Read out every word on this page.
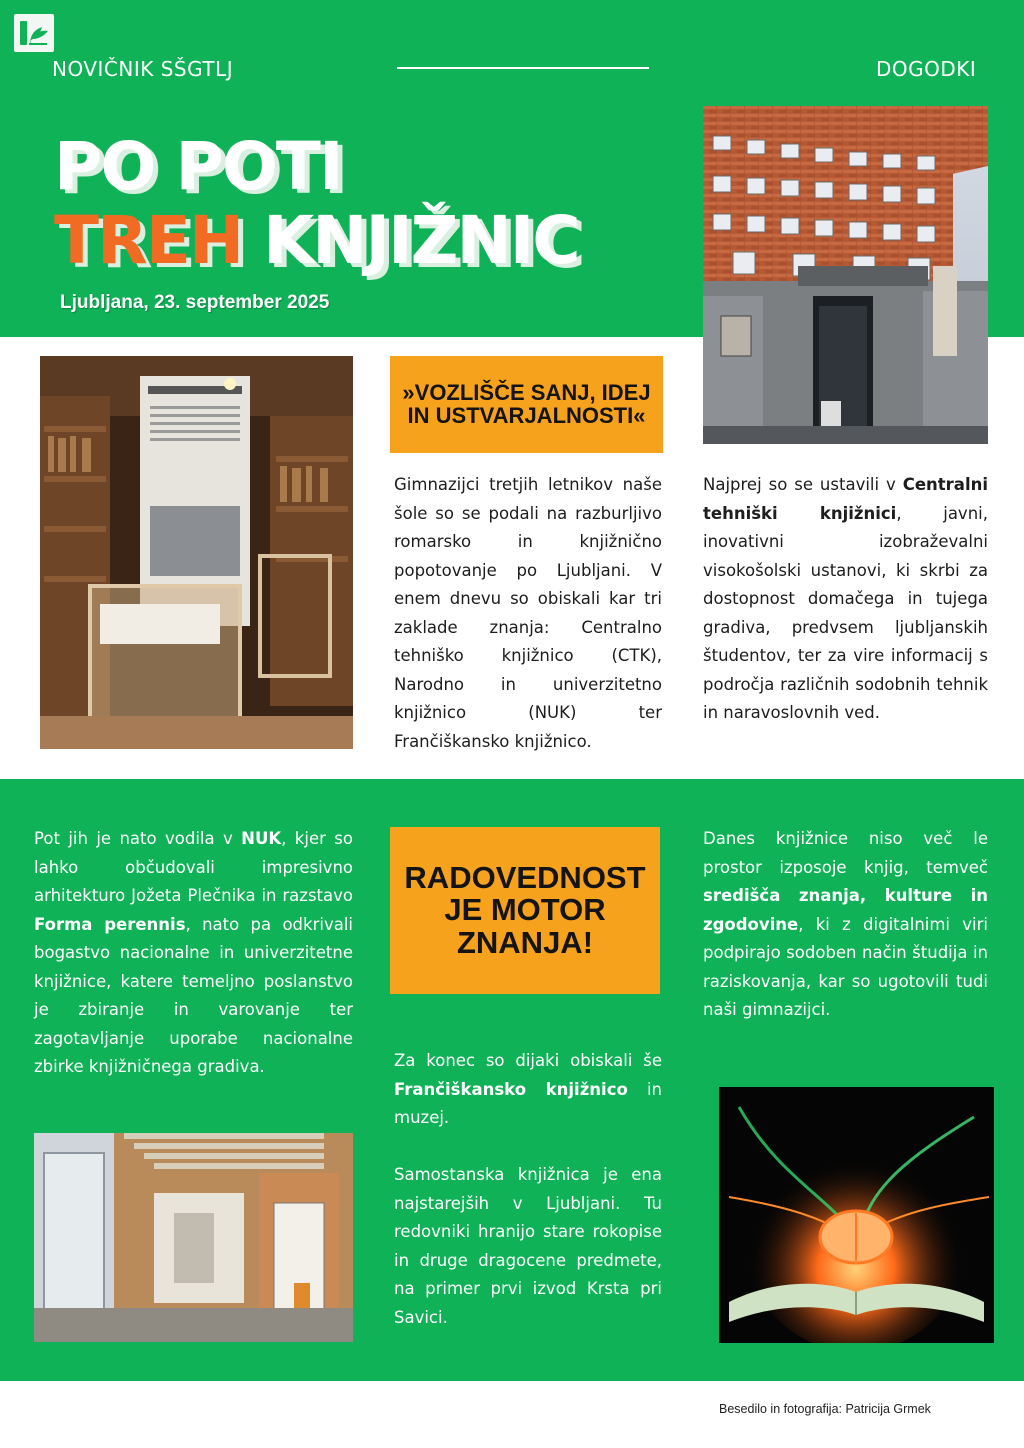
NOVIČNIK SŠGTLJ	DOGODKI
PO POTI
TREH KNJIŽNIC
Ljubljana, 23. september 2025
»VOZLIŠČE SANJ, IDEJ IN USTVARJALNOSTI«
RADOVEDNOST JE MOTOR ZNANJA!
Gimnazijci tretjih letnikov naše šole so se podali na razburljivo romarsko in knjižnično popotovanje po Ljubljani. V enem dnevu so obiskali kar tri zaklade znanja: Centralno tehniško knjižnico (CTK), Narodno in univerzitetno knjižnico (NUK) ter Frančiškansko knjižnico.
Najprej so se ustavili v Centralni tehniški knjižnici, javni, inovativni izobraževalni visokošolski ustanovi, ki skrbi za dostopnost domačega in tujega gradiva, predvsem ljubljanskih študentov, ter za vire informacij s področja različnih sodobnih tehnik in naravoslovnih ved.
Pot jih je nato vodila v NUK, kjer so lahko občudovali impresivno arhitekturo Jožeta Plečnika in razstavo Forma perennis, nato pa odkrivali bogastvo nacionalne in univerzitetne knjižnice, katere temeljno poslanstvo je zbiranje in varovanje ter zagotavljanje uporabe nacionalne zbirke knjižničnega gradiva.
Danes knjižnice niso več le prostor izposoje knjig, temveč središča znanja, kulture in zgodovine, ki z digitalnimi viri podpirajo sodoben način študija in raziskovanja, kar so ugotovili tudi naši gimnazijci.
Za konec so dijaki obiskali še Frančiškansko knjižnico in muzej.
Samostanska knjižnica je ena najstarejših v Ljubljani. Tu redovniki hranijo stare rokopise in druge dragocene predmete, na primer prvi izvod Krsta pri Savici.
Besedilo in fotografija: Patricija Grmek
